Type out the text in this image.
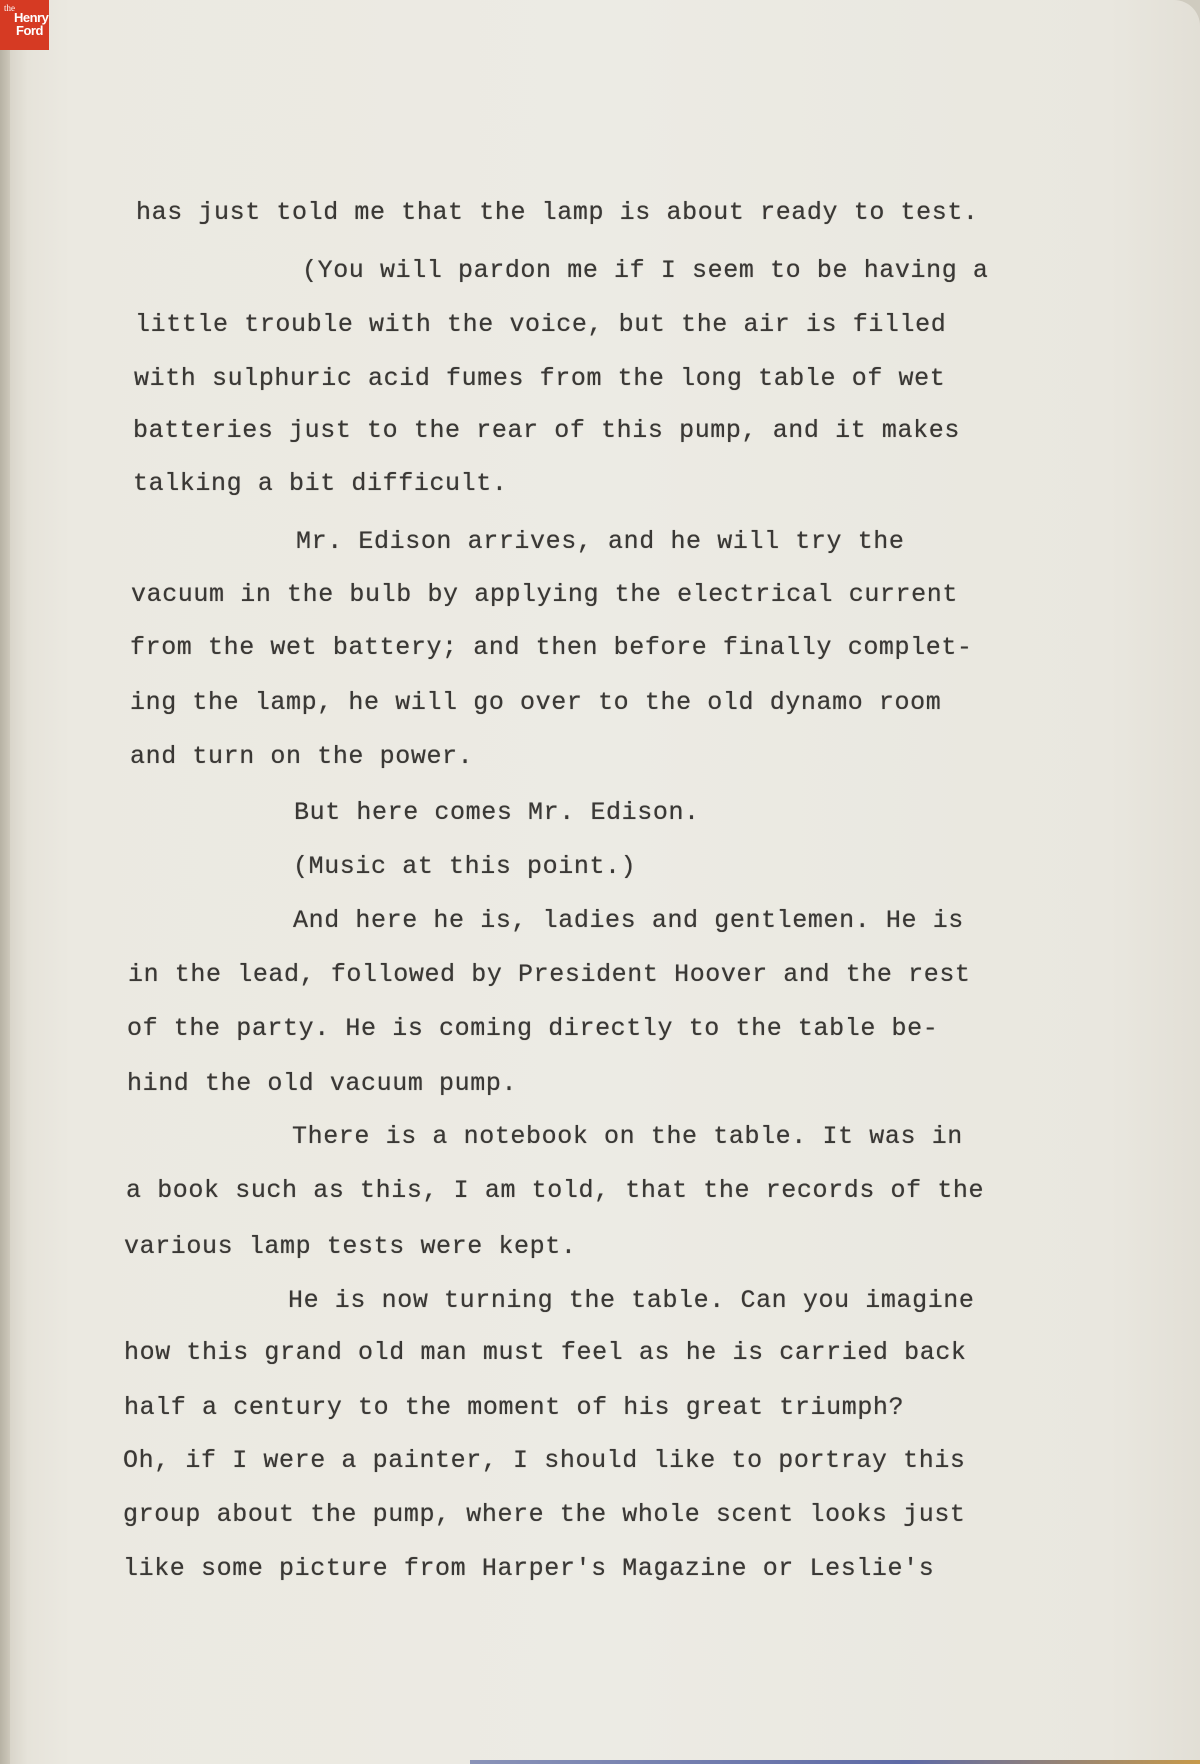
the
Henry
Ford
has just told me that the lamp is about ready to test.
(You will pardon me if I seem to be having a
little trouble with the voice, but the air is filled
with sulphuric acid fumes from the long table of wet
batteries just to the rear of this pump, and it makes
talking a bit difficult.
Mr. Edison arrives, and he will try the
vacuum in the bulb by applying the electrical current
from the wet battery; and then before finally complet-
ing the lamp, he will go over to the old dynamo room
and turn on the power.
But here comes Mr. Edison.
(Music at this point.)
And here he is, ladies and gentlemen. He is
in the lead, followed by President Hoover and the rest
of the party. He is coming directly to the table be-
hind the old vacuum pump.
There is a notebook on the table. It was in
a book such as this, I am told, that the records of the
various lamp tests were kept.
He is now turning the table. Can you imagine
how this grand old man must feel as he is carried back
half a century to the moment of his great triumph?
Oh, if I were a painter, I should like to portray this
group about the pump, where the whole scent looks just
like some picture from Harper's Magazine or Leslie's
